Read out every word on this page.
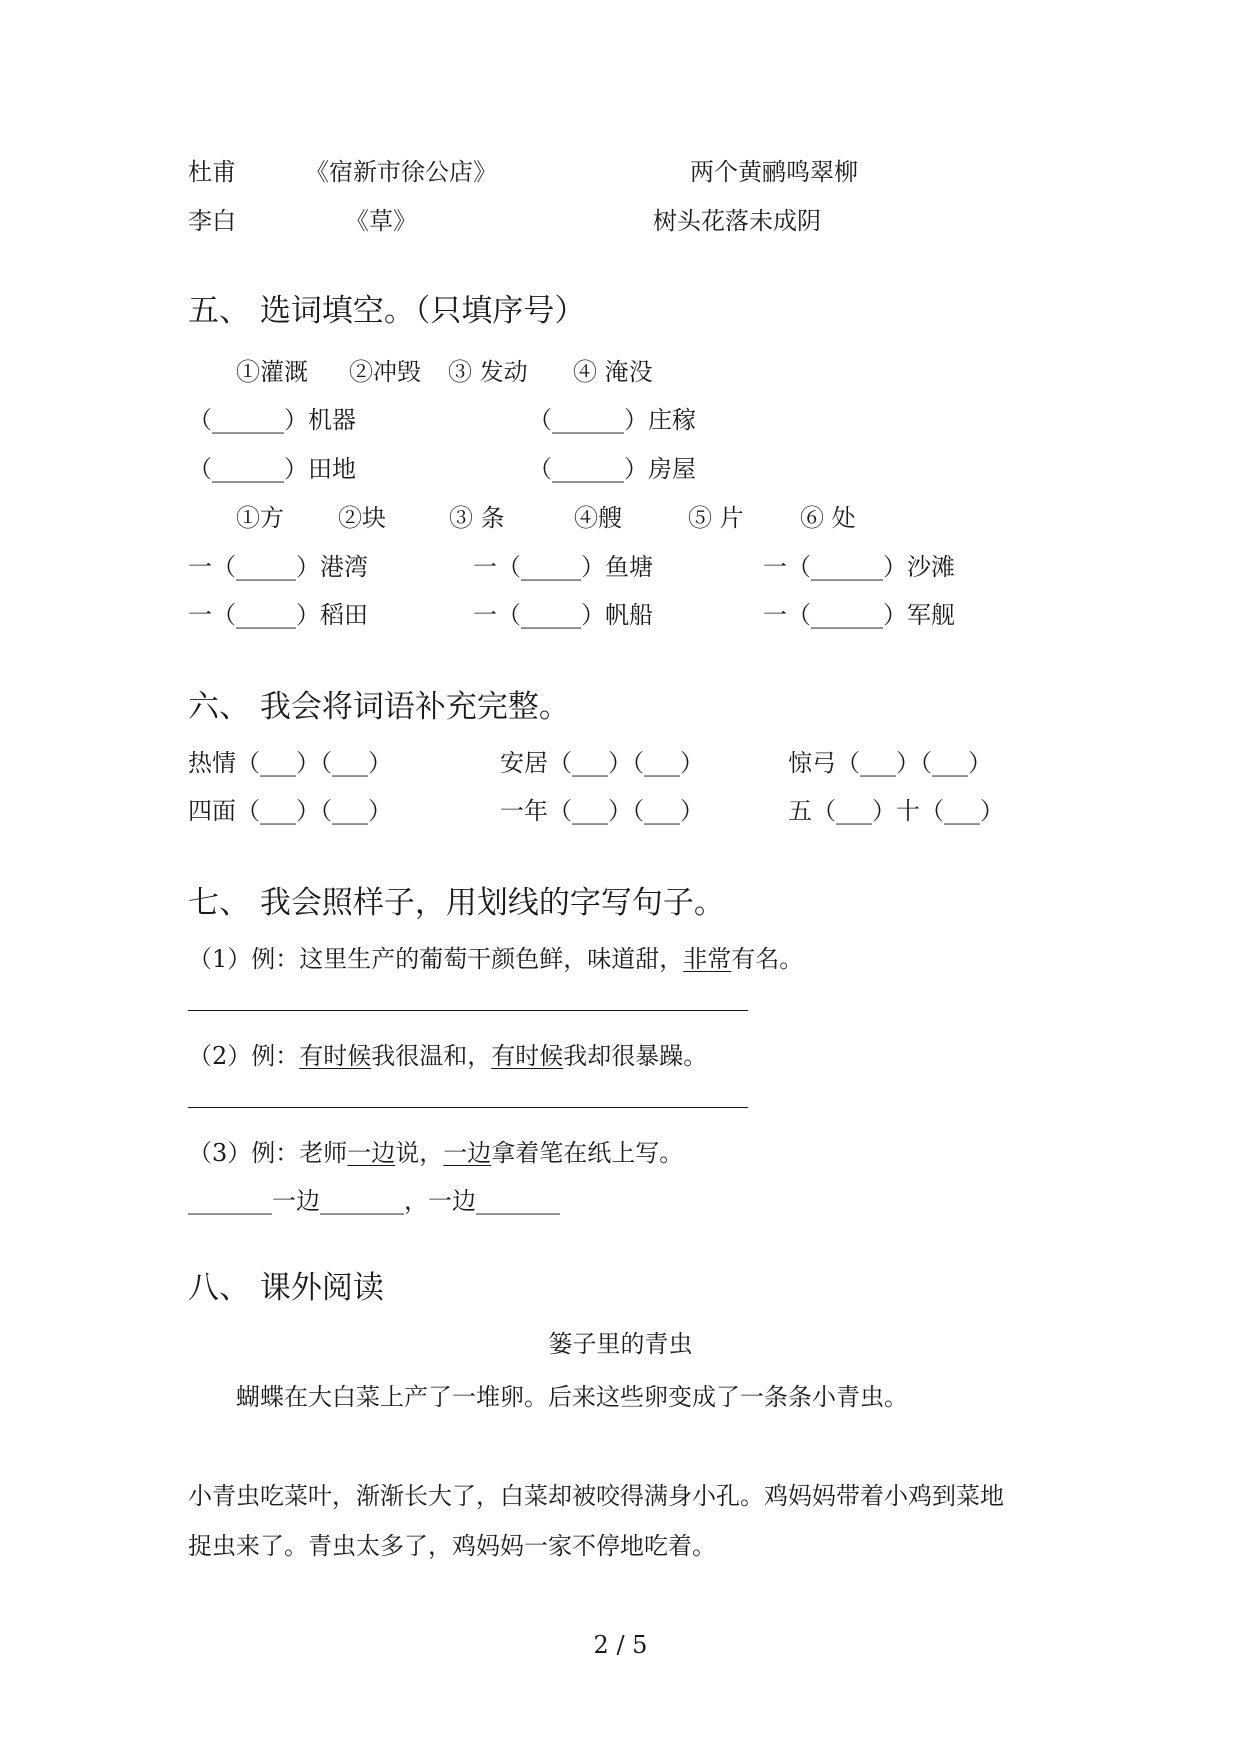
杜甫	《宿新市徐公店》	两个黄鹂鸣翠柳
李白	《草》	树头花落未成阴
五、 选词填空。（只填序号）
①灌溉 ②冲毁 ③ 发动 ④ 淹没
（______）机器	（______）庄稼
（______）田地	（______）房屋
①方 ②块	③ 条	④艘	⑤ 片 ⑥ 处
一（_____）港湾	一（_____）鱼塘	一（______）沙滩
一（_____）稻田	一（_____）帆船	一（______）军舰
六、 我会将词语补充完整。
热情（___）（___）	安居（___）（___）	惊弓（___）（___）
四面（___）（___）	一年（___）（___）	五（___）十（___）
七、 我会照样子，用划线的字写句子。
（1）例：这里生产的葡萄干颜色鲜，味道甜，非常有名。
（2）例：有时候我很温和，有时候我却很暴躁。
（3）例：老师一边说，一边拿着笔在纸上写。
_______一边_______，一边_______
八、 课外阅读
篓子里的青虫
蝴蝶在大白菜上产了一堆卵。后来这些卵变成了一条条小青虫。
小青虫吃菜叶，渐渐长大了，白菜却被咬得满身小孔。鸡妈妈带着小鸡到菜地
捉虫来了。青虫太多了，鸡妈妈一家不停地吃着。
2 / 5
